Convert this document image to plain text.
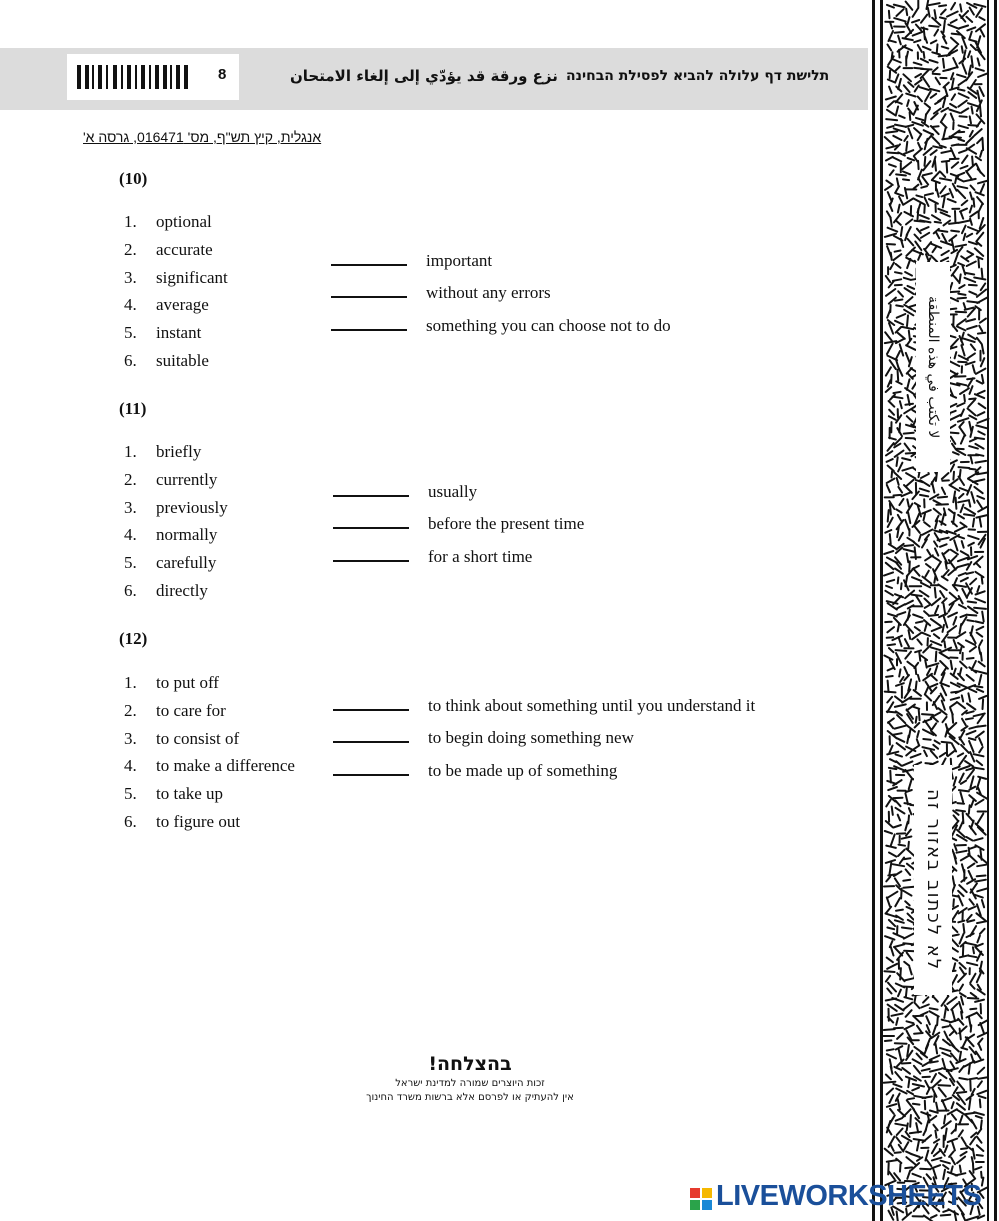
8	نزع ورقة قد يؤدّي إلى إلغاء الامتحان תלישת דף עלולה להביא לפסילת הבחינה
אנגלית, קיץ תש"ף, מס' 016471, גרסה א'
(10)
1. optional
2. accurate
3. significant
4. average
5. instant
6. suitable
important
without any errors
something you can choose not to do
(11)
1. briefly
2. currently
3. previously
4. normally
5. carefully
6. directly
usually
before the present time
for a short time
(12)
1. to put off
2. to care for
3. to consist of
4. to make a difference
5. to take up
6. to figure out
to think about something until you understand it
to begin doing something new
to be made up of something
בהצלחה!
זכות היוצרים שמורה למדינת ישראל
אין להעתיק או לפרסם אלא ברשות משרד החינוך
لا تكتب في هذه المنطقة
לא לכתוב באזור זה
LIVEWORKSHEETS
